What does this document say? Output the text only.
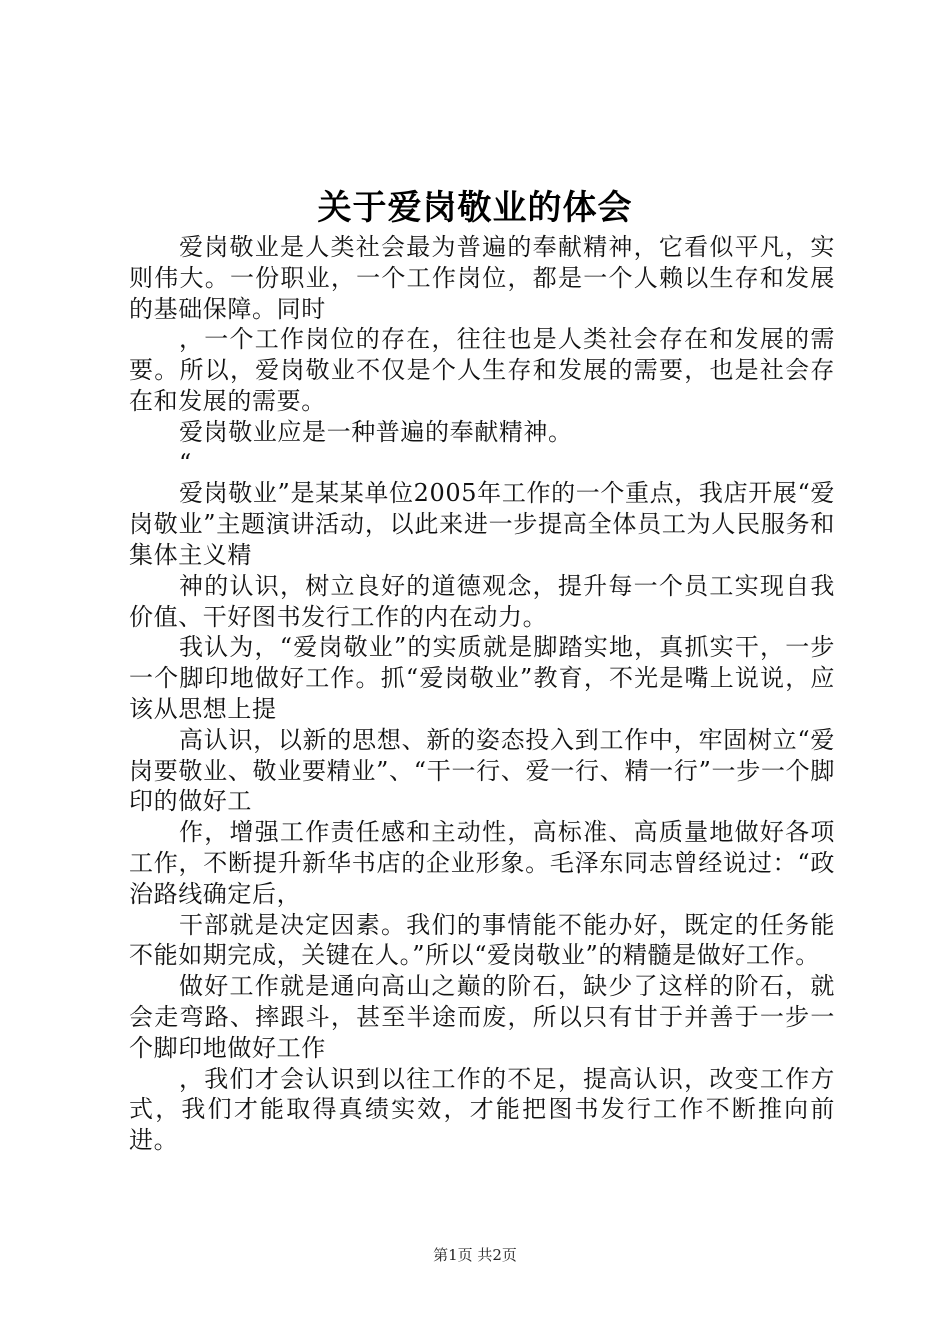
关于爱岗敬业的体会

爱岗敬业是人类社会最为普遍的奉献精神，它看似平凡，实则伟大。一份职业，一个工作岗位，都是一个人赖以生存和发展的基础保障。同时

，一个工作岗位的存在，往往也是人类社会存在和发展的需要。所以，爱岗敬业不仅是个人生存和发展的需要，也是社会存在和发展的需要。

爱岗敬业应是一种普遍的奉献精神。

“

爱岗敬业”是某某单位2005年工作的一个重点，我店开展“爱岗敬业”主题演讲活动，以此来进一步提高全体员工为人民服务和集体主义精

神的认识，树立良好的道德观念，提升每一个员工实现自我价值、干好图书发行工作的内在动力。

我认为，“爱岗敬业”的实质就是脚踏实地，真抓实干，一步一个脚印地做好工作。抓“爱岗敬业”教育，不光是嘴上说说，应该从思想上提

高认识，以新的思想、新的姿态投入到工作中，牢固树立“爱岗要敬业、敬业要精业”、“干一行、爱一行、精一行”一步一个脚印的做好工

作，增强工作责任感和主动性，高标准、高质量地做好各项工作，不断提升新华书店的企业形象。毛泽东同志曾经说过：“政治路线确定后，

干部就是决定因素。我们的事情能不能办好，既定的任务能不能如期完成，关键在人。”所以“爱岗敬业”的精髓是做好工作。

做好工作就是通向高山之巅的阶石，缺少了这样的阶石，就会走弯路、摔跟斗，甚至半途而废，所以只有甘于并善于一步一个脚印地做好工作

，我们才会认识到以往工作的不足，提高认识，改变工作方式，我们才能取得真绩实效，才能把图书发行工作不断推向前进。

第1页 共2页
